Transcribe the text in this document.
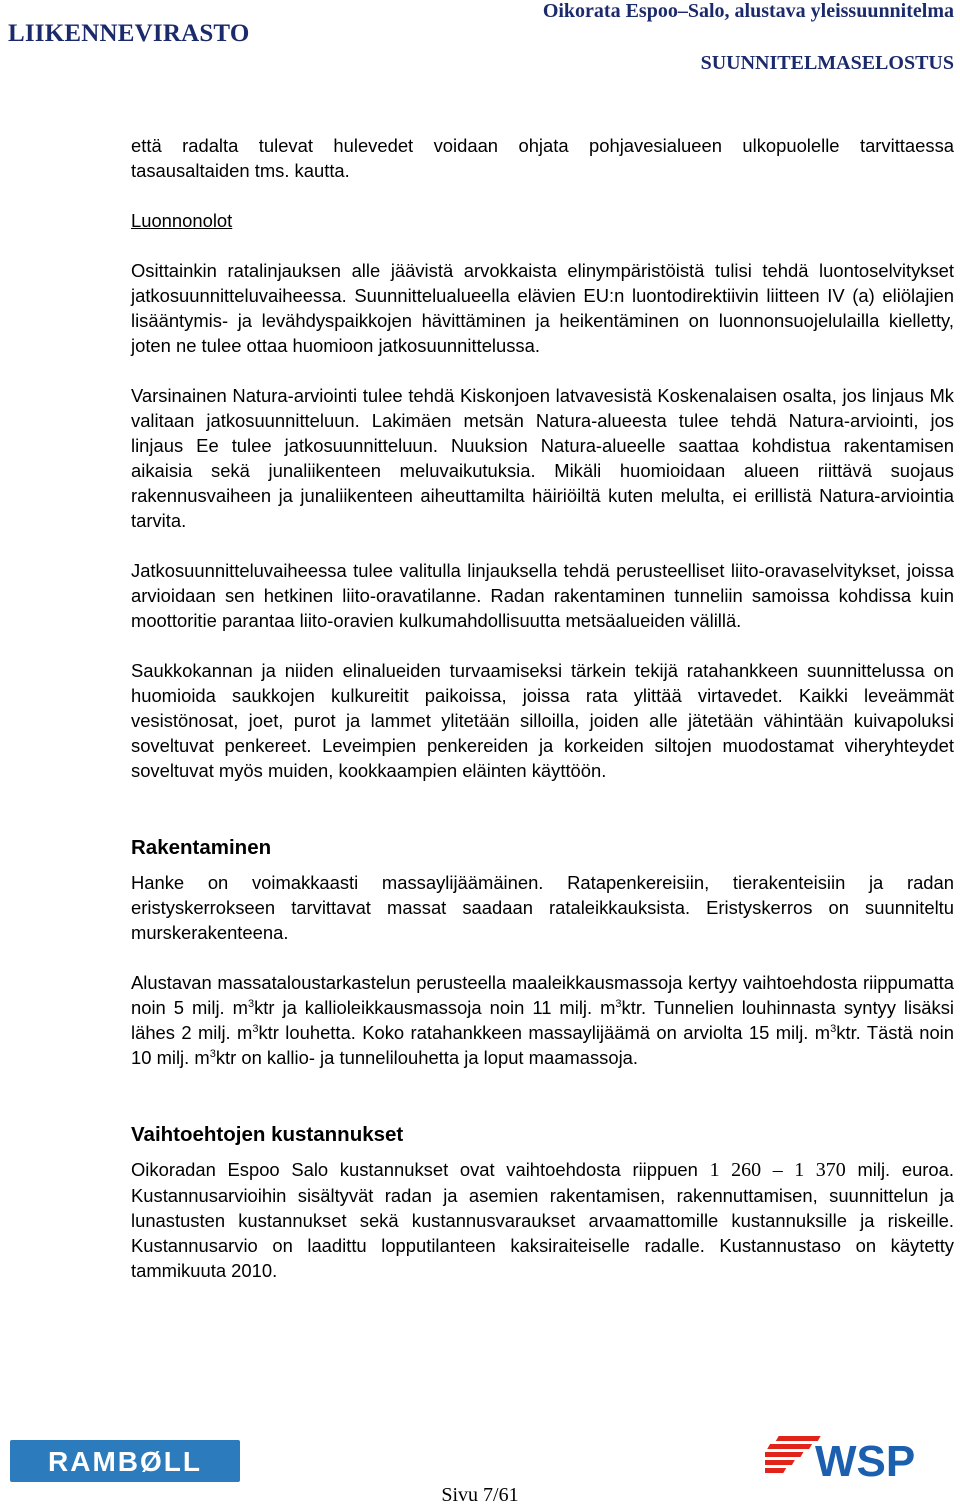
LIIKENNEVIRASTO
Oikorata Espoo–Salo, alustava yleissuunnitelma
SUUNNITELMASELOSTUS

että radalta tulevat hulevedet voidaan ohjata pohjavesialueen ulkopuolelle tarvittaessa tasausaltaiden tms. kautta.

Luonnonolot

Osittainkin ratalinjauksen alle jäävistä arvokkaista elinympäristöistä tulisi tehdä luontoselvitykset jatkosuunnitteluvaiheessa. Suunnittelualueella elävien EU:n luontodirektiivin liitteen IV (a) eliölajien lisääntymis- ja levähdyspaikkojen hävittäminen ja heikentäminen on luonnonsuojelulailla kielletty, joten ne tulee ottaa huomioon jatkosuunnittelussa.

Varsinainen Natura-arviointi tulee tehdä Kiskonjoen latvavesistä Koskenalaisen osalta, jos linjaus Mk valitaan jatkosuunnitteluun. Lakimäen metsän Natura-alueesta tulee tehdä Natura-arviointi, jos linjaus Ee tulee jatkosuunnitteluun. Nuuksion Natura-alueelle saattaa kohdistua rakentamisen aikaisia sekä junaliikenteen meluvaikutuksia. Mikäli huomioidaan alueen riittävä suojaus rakennusvaiheen ja junaliikenteen aiheuttamilta häiriöiltä kuten melulta, ei erillistä Natura-arviointia tarvita.

Jatkosuunnitteluvaiheessa tulee valitulla linjauksella tehdä perusteelliset liito-oravaselvitykset, joissa arvioidaan sen hetkinen liito-oravatilanne. Radan rakentaminen tunneliin samoissa kohdissa kuin moottoritie parantaa liito-oravien kulkumahdollisuutta metsäalueiden välillä.

Saukkokannan ja niiden elinalueiden turvaamiseksi tärkein tekijä ratahankkeen suunnittelussa on huomioida saukkojen kulkureitit paikoissa, joissa rata ylittää virtavedet. Kaikki leveämmät vesistönosat, joet, purot ja lammet ylitetään silloilla, joiden alle jätetään vähintään kuivapoluksi soveltuvat penkereet. Leveimpien penkereiden ja korkeiden siltojen muodostamat viheryhteydet soveltuvat myös muiden, kookkaampien eläinten käyttöön.

Rakentaminen

Hanke on voimakkaasti massaylijäämäinen. Ratapenkereisiin, tierakenteisiin ja radan eristyskerrokseen tarvittavat massat saadaan rataleikkauksista. Eristyskerros on suunniteltu murskerakenteena.

Alustavan massataloustarkastelun perusteella maaleikkausmassoja kertyy vaihtoehdosta riippumatta noin 5 milj. $m^3ktr$ ja kallioleikkausmassoja noin 11 milj. $m^3ktr$. Tunnelien louhinnasta syntyy lisäksi lähes 2 milj. $m^3ktr$ louhetta. Koko ratahankkeen massaylijäämä on arviolta 15 milj. $m^3ktr$. Tästä noin 10 milj. $m^3ktr$ on kallio- ja tunnelilouhetta ja loput maamassoja.

Vaihtoehtojen kustannukset

Oikoradan Espoo Salo kustannukset ovat vaihtoehdosta riippuen 1 260 – 1 370 milj. euroa. Kustannusarvioihin sisältyvät radan ja asemien rakentamisen, rakennuttamisen, suunnittelun ja lunastusten kustannukset sekä kustannusvaraukset arvaamattomille kustannuksille ja riskeille. Kustannusarvio on laadittu lopputilanteen kaksiraiteiselle radalle. Kustannustaso on käytetty tammikuuta 2010.

RAMBØLL	WSP
Sivu 7/61
